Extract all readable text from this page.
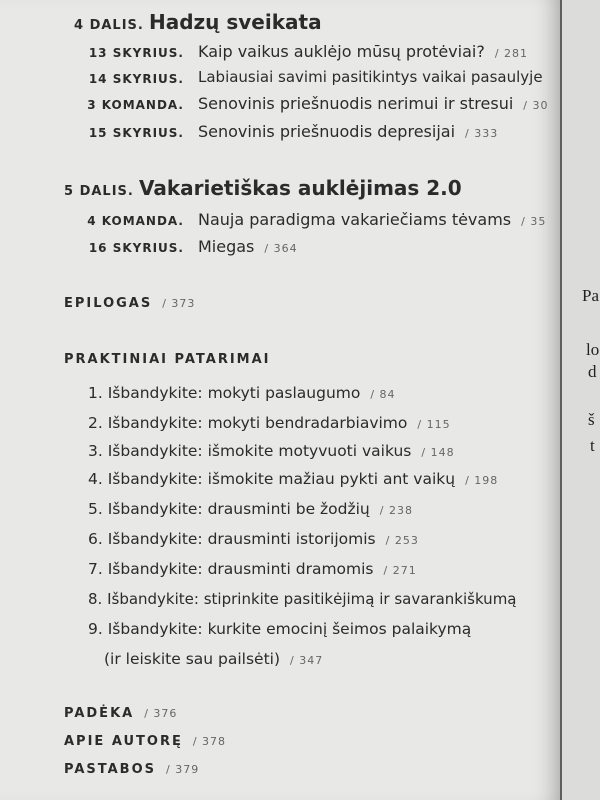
4 DALIS. Hadzų sveikata
13 SKYRIUS. Kaip vaikus auklėjo mūsų protėviai? / 281
14 SKYRIUS. Labiausiai savimi pasitikintys vaikai pasaulyje
3 KOMANDA. Senovinis priešnuodis nerimui ir stresui / 30
15 SKYRIUS. Senovinis priešnuodis depresijai / 333
5 DALIS. Vakarietiškas auklėjimas 2.0
4 KOMANDA. Nauja paradigma vakariečiams tėvams / 35
16 SKYRIUS. Miegas / 364
EPILOGAS / 373
PRAKTINIAI PATARIMAI
1. Išbandykite: mokyti paslaugumo / 84
2. Išbandykite: mokyti bendradarbiavimo / 115
3. Išbandykite: išmokite motyvuoti vaikus / 148
4. Išbandykite: išmokite mažiau pykti ant vaikų / 198
5. Išbandykite: drausminti be žodžių / 238
6. Išbandykite: drausminti istorijomis / 253
7. Išbandykite: drausminti dramomis / 271
8. Išbandykite: stiprinkite pasitikėjimą ir savarankiškumą
9. Išbandykite: kurkite emocinį šeimos palaikymą
(ir leiskite sau pailsėti) / 347
PADĖKA / 376
APIE AUTORĘ / 378
PASTABOS / 379
Pa
lo
d
š
t
